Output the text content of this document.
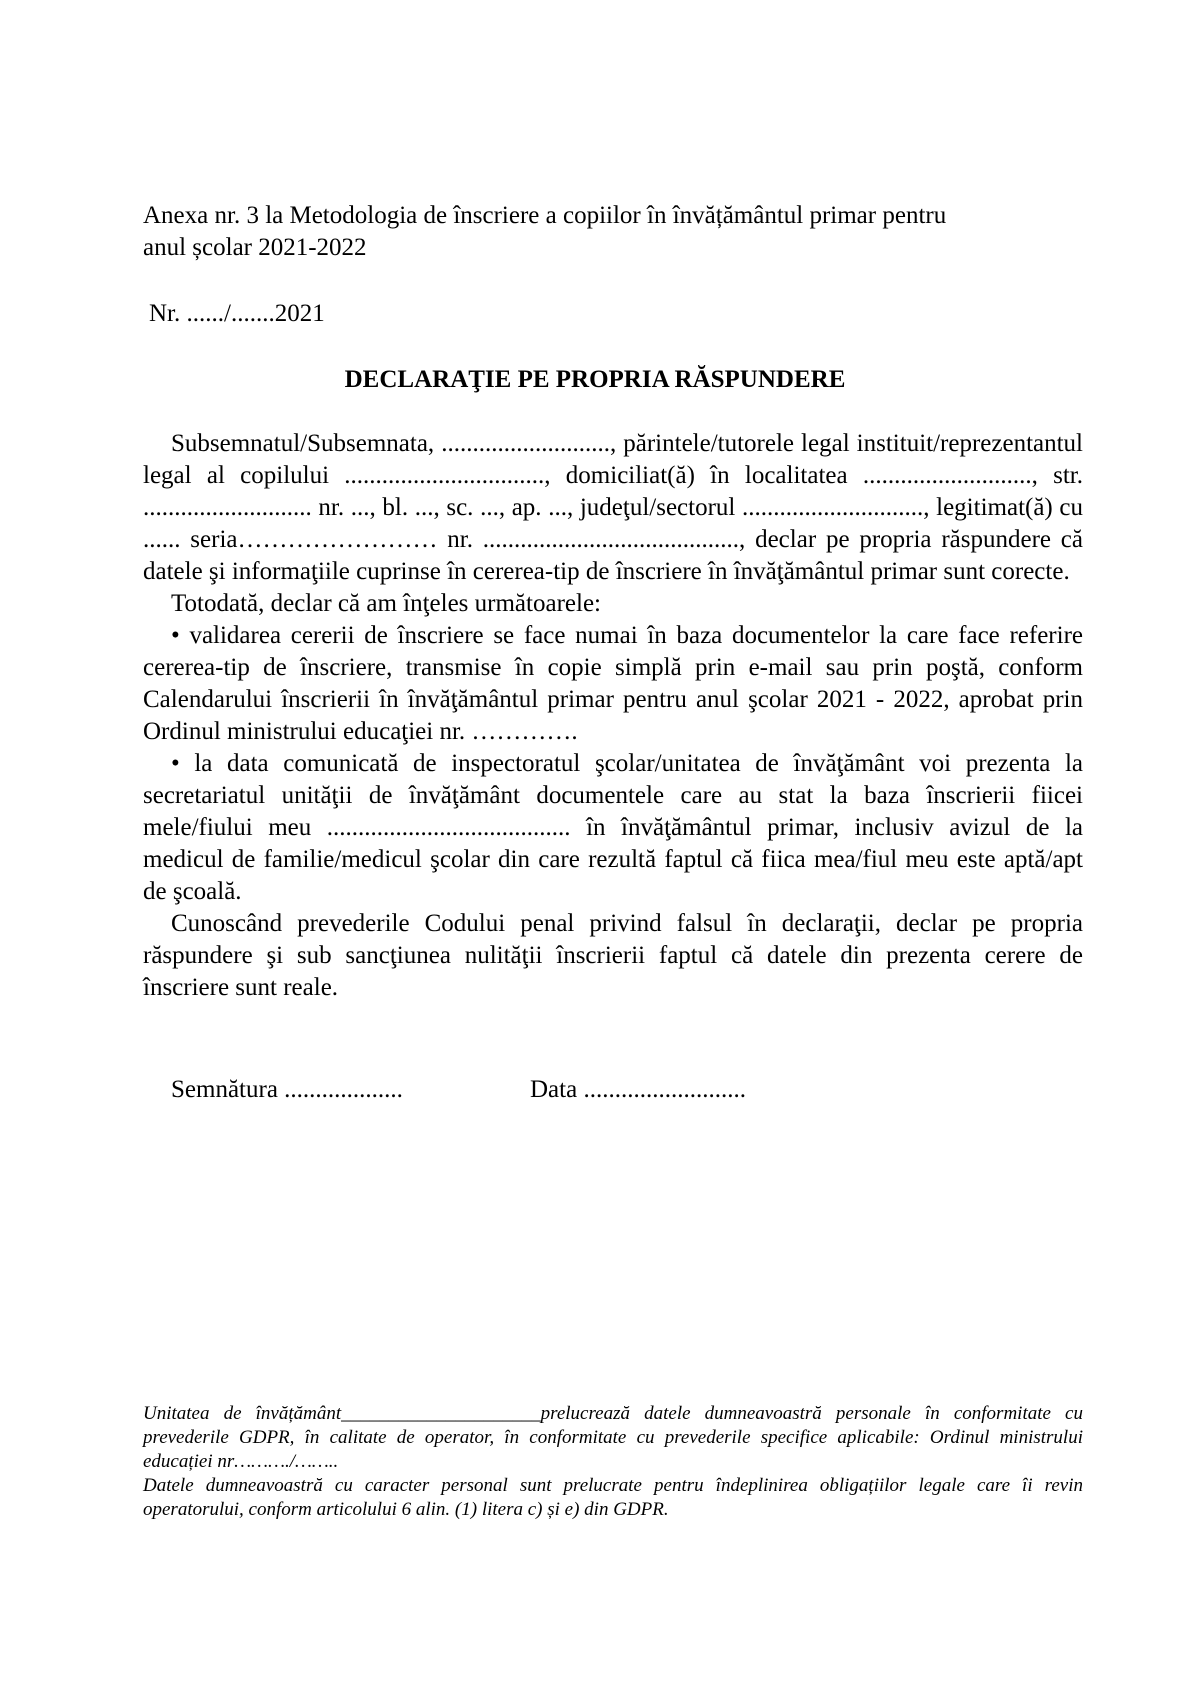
Anexa nr. 3 la Metodologia de înscriere a copiilor în învățământul primar pentru
anul școlar 2021-2022
Nr. ....../.......2021
DECLARAŢIE PE PROPRIA RĂSPUNDERE

Subsemnatul/Subsemnata, ..........................., părintele/tutorele legal instituit/reprezentantul legal al copilului ................................, domiciliat(ă) în localitatea ..........................., str. ........................... nr. ..., bl. ..., sc. ..., ap. ..., judeţul/sectorul ............................., legitimat(ă) cu ...... seria…………………… nr. ........................................., declar pe propria răspundere că datele şi informaţiile cuprinse în cererea-tip de înscriere în învăţământul primar sunt corecte.

Totodată, declar că am înţeles următoarele:

• validarea cererii de înscriere se face numai în baza documentelor la care face referire cererea-tip de înscriere, transmise în copie simplă prin e-mail sau prin poştă, conform Calendarului înscrierii în învăţământul primar pentru anul şcolar 2021 - 2022, aprobat prin Ordinul ministrului educaţiei nr. ………….

• la data comunicată de inspectoratul şcolar/unitatea de învăţământ voi prezenta la secretariatul unităţii de învăţământ documentele care au stat la baza înscrierii fiicei mele/fiului meu ....................................... în învăţământul primar, inclusiv avizul de la medicul de familie/medicul şcolar din care rezultă faptul că fiica mea/fiul meu este aptă/apt de şcoală.

Cunoscând prevederile Codului penal privind falsul în declaraţii, declar pe propria răspundere şi sub sancţiunea nulităţii înscrierii faptul că datele din prezenta cerere de înscriere sunt reale.

Semnătura ...................	Data ..........................

Unitatea de învățământ_____________________prelucrează datele dumneavoastră personale în conformitate cu prevederile GDPR, în calitate de operator, în conformitate cu prevederile specifice aplicabile: Ordinul ministrului educației nr………./……..

Datele dumneavoastră cu caracter personal sunt prelucrate pentru îndeplinirea obligațiilor legale care îi revin operatorului, conform articolului 6 alin. (1) litera c) și e) din GDPR.
